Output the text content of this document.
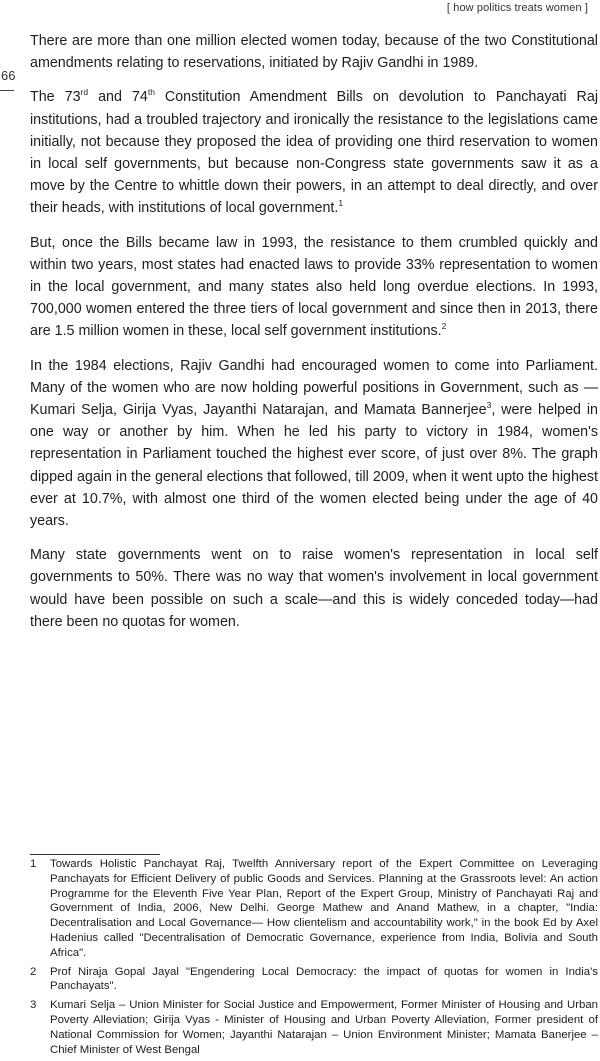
[ how politics treats women ]
66

There are more than one million elected women today, because of the two Constitutional amendments relating to reservations, initiated by Rajiv Gandhi in 1989.

The 73rd and 74th Constitution Amendment Bills on devolution to Panchayati Raj institutions, had a troubled trajectory and ironically the resistance to the legislations came initially, not because they proposed the idea of providing one third reservation to women in local self governments, but because non-Congress state governments saw it as a move by the Centre to whittle down their powers, in an attempt to deal directly, and over their heads, with institutions of local government.$^1$

But, once the Bills became law in 1993, the resistance to them crumbled quickly and within two years, most states had enacted laws to provide 33% representation to women in the local government, and many states also held long overdue elections. In 1993, 700,000 women entered the three tiers of local government and since then in 2013, there are 1.5 million women in these, local self government institutions.$^2$

In the 1984 elections, Rajiv Gandhi had encouraged women to come into Parliament. Many of the women who are now holding powerful positions in Government, such as — Kumari Selja, Girija Vyas, Jayanthi Natarajan, and Mamata Bannerjee$^3$, were helped in one way or another by him. When he led his party to victory in 1984, women's representation in Parliament touched the highest ever score, of just over 8%. The graph dipped again in the general elections that followed, till 2009, when it went upto the highest ever at 10.7%, with almost one third of the women elected being under the age of 40 years.

Many state governments went on to raise women's representation in local self governments to 50%. There was no way that women's involvement in local government would have been possible on such a scale—and this is widely conceded today—had there been no quotas for women.

1	Towards Holistic Panchayat Raj, Twelfth Anniversary report of the Expert Committee on Leveraging Panchayats for Efficient Delivery of public Goods and Services. Planning at the Grassroots level: An action Programme for the Eleventh Five Year Plan, Report of the Expert Group, Ministry of Panchayati Raj and Government of India, 2006, New Delhi. George Mathew and Anand Mathew, in a chapter, "India: Decentralisation and Local Governance— How clientelism and accountability work," in the book Ed by Axel Hadenius called "Decentralisation of Democratic Governance, experience from India, Bolivia and South Africa".
2	Prof Niraja Gopal Jayal "Engendering Local Democracy: the impact of quotas for women in India's Panchayats".
3	Kumari Selja – Union Minister for Social Justice and Empowerment, Former Minister of Housing and Urban Poverty Alleviation; Girija Vyas - Minister of Housing and Urban Poverty Alleviation, Former president of National Commission for Women; Jayanthi Natarajan – Union Environment Minister; Mamata Banerjee – Chief Minister of West Bengal
